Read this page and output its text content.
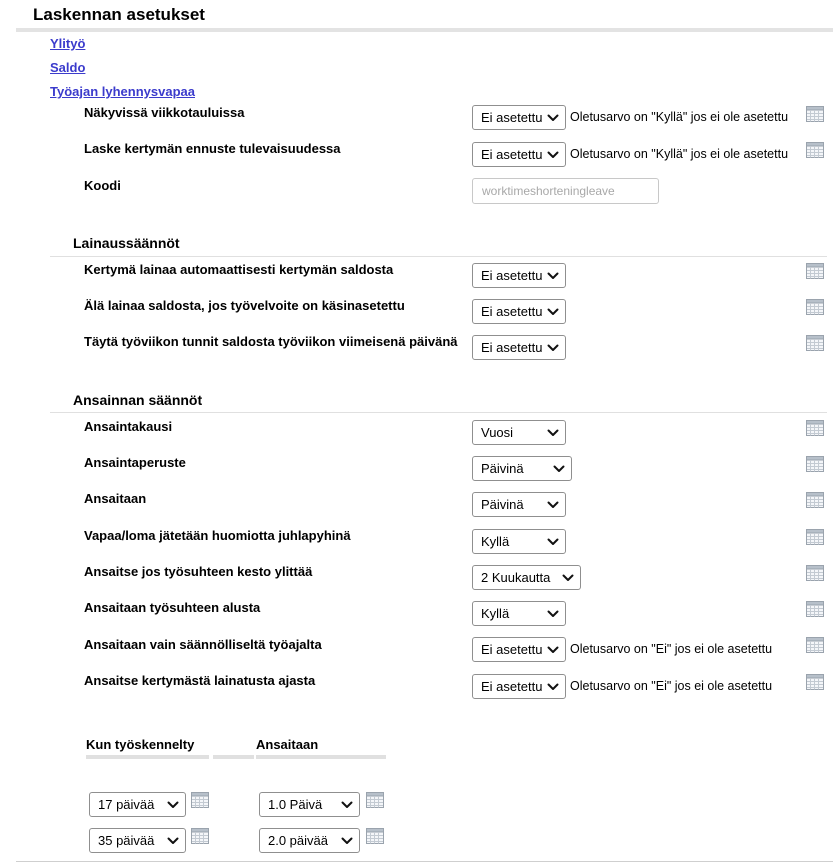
Laskennan asetukset
Ylityö
Saldo
Työajan lyhennysvapaa
Näkyvissä viikkotauluissa	Ei asetettu	Oletusarvo on "Kyllä" jos ei ole asetettu
Laske kertymän ennuste tulevaisuudessa	Ei asetettu	Oletusarvo on "Kyllä" jos ei ole asetettu
Koodi	worktimeshorteningleave
Lainaussäännöt
Kertymä lainaa automaattisesti kertymän saldosta	Ei asetettu
Älä lainaa saldosta, jos työvelvoite on käsinasetettu	Ei asetettu
Täytä työviikon tunnit saldosta työviikon viimeisenä päivänä	Ei asetettu
Ansainnan säännöt
Ansaintakausi	Vuosi
Ansaintaperuste	Päivinä
Ansaitaan	Päivinä
Vapaa/loma jätetään huomiotta juhlapyhinä	Kyllä
Ansaitse jos työsuhteen kesto ylittää	2 Kuukautta
Ansaitaan työsuhteen alusta	Kyllä
Ansaitaan vain säännölliseltä työajalta	Ei asetettu	Oletusarvo on "Ei" jos ei ole asetettu
Ansaitse kertymästä lainatusta ajasta	Ei asetettu	Oletusarvo on "Ei" jos ei ole asetettu
Kun työskennelty	Ansaitaan
17 päivää	1.0 Päivä
35 päivää	2.0 päivää
